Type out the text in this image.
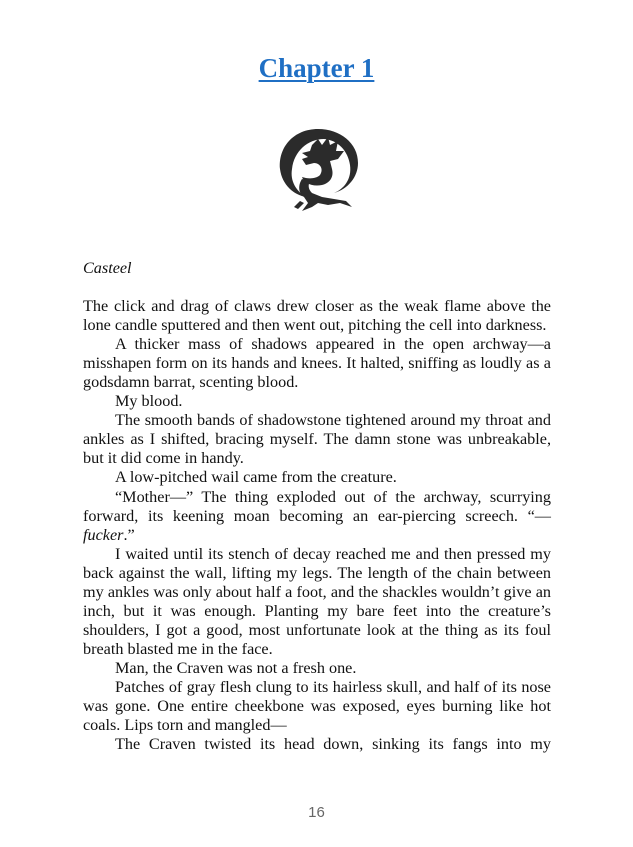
Chapter 1

Casteel

The click and drag of claws drew closer as the weak flame above the lone candle sputtered and then went out, pitching the cell into darkness.

A thicker mass of shadows appeared in the open archway—a misshapen form on its hands and knees. It halted, sniffing as loudly as a godsdamn barrat, scenting blood.

My blood.

The smooth bands of shadowstone tightened around my throat and ankles as I shifted, bracing myself. The damn stone was unbreakable, but it did come in handy.

A low-pitched wail came from the creature.

“Mother—” The thing exploded out of the archway, scurrying forward, its keening moan becoming an ear-piercing screech. “—fucker.”

I waited until its stench of decay reached me and then pressed my back against the wall, lifting my legs. The length of the chain between my ankles was only about half a foot, and the shackles wouldn’t give an inch, but it was enough. Planting my bare feet into the creature’s shoulders, I got a good, most unfortunate look at the thing as its foul breath blasted me in the face.

Man, the Craven was not a fresh one.

Patches of gray flesh clung to its hairless skull, and half of its nose was gone. One entire cheekbone was exposed, eyes burning like hot coals. Lips torn and mangled—

The Craven twisted its head down, sinking its fangs into my

16
